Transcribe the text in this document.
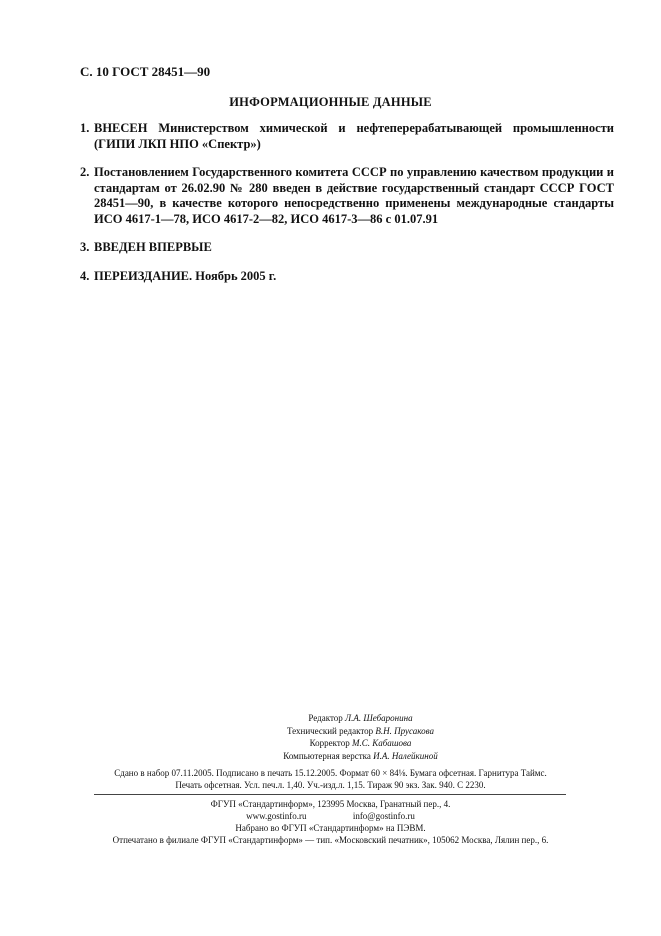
С. 10 ГОСТ 28451—90
ИНФОРМАЦИОННЫЕ ДАННЫЕ
1. ВНЕСЕН Министерством химической и нефтеперерабатывающей промышленности (ГИПИ ЛКП НПО «Спектр»)
2. Постановлением Государственного комитета СССР по управлению качеством продукции и стандартам от 26.02.90 № 280 введен в действие государственный стандарт СССР ГОСТ 28451—90, в качестве которого непосредственно применены международные стандарты ИСО 4617-1—78, ИСО 4617-2—82, ИСО 4617-3—86 с 01.07.91
3. ВВЕДЕН ВПЕРВЫЕ
4. ПЕРЕИЗДАНИЕ. Ноябрь 2005 г.
Редактор Л.А. Шебаронина
Технический редактор В.Н. Прусакова
Корректор М.С. Кабашова
Компьютерная верстка И.А. Налейкиной
Сдано в набор 07.11.2005. Подписано в печать 15.12.2005. Формат 60 × 84⅛. Бумага офсетная. Гарнитура Таймс.
Печать офсетная. Усл. печ.л. 1,40. Уч.-изд.л. 1,15. Тираж 90 экз. Зак. 940. С 2230.
ФГУП «Стандартинформ», 123995 Москва, Гранатный пер., 4.
www.gostinfo.ru	info@gostinfo.ru
Набрано во ФГУП «Стандартинформ» на ПЭВМ.
Отпечатано в филиале ФГУП «Стандартинформ» — тип. «Московский печатник», 105062 Москва, Лялин пер., 6.
